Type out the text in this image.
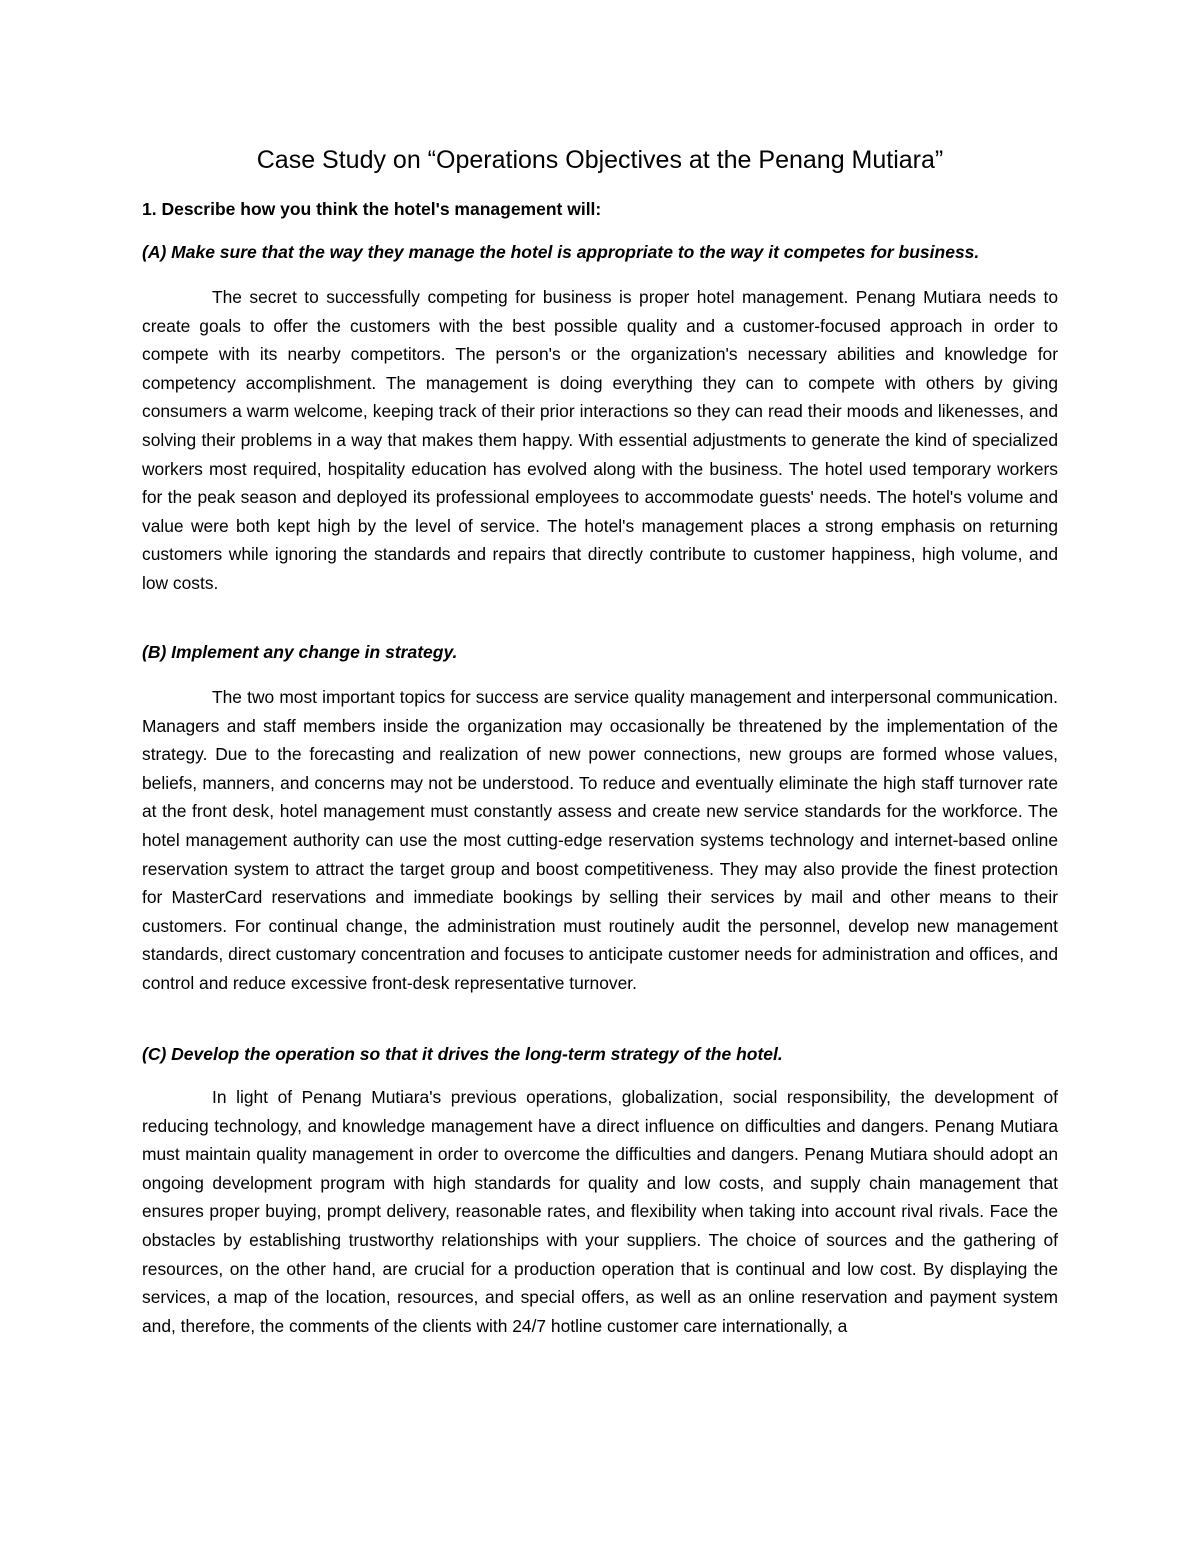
Case Study on “Operations Objectives at the Penang Mutiara”

1. Describe how you think the hotel's management will:

(A) Make sure that the way they manage the hotel is appropriate to the way it competes for business.

The secret to successfully competing for business is proper hotel management. Penang Mutiara needs to create goals to offer the customers with the best possible quality and a customer-focused approach in order to compete with its nearby competitors. The person's or the organization's necessary abilities and knowledge for competency accomplishment. The management is doing everything they can to compete with others by giving consumers a warm welcome, keeping track of their prior interactions so they can read their moods and likenesses, and solving their problems in a way that makes them happy. With essential adjustments to generate the kind of specialized workers most required, hospitality education has evolved along with the business. The hotel used temporary workers for the peak season and deployed its professional employees to accommodate guests' needs. The hotel's volume and value were both kept high by the level of service. The hotel's management places a strong emphasis on returning customers while ignoring the standards and repairs that directly contribute to customer happiness, high volume, and low costs.

(B) Implement any change in strategy.

The two most important topics for success are service quality management and interpersonal communication. Managers and staff members inside the organization may occasionally be threatened by the implementation of the strategy. Due to the forecasting and realization of new power connections, new groups are formed whose values, beliefs, manners, and concerns may not be understood. To reduce and eventually eliminate the high staff turnover rate at the front desk, hotel management must constantly assess and create new service standards for the workforce. The hotel management authority can use the most cutting-edge reservation systems technology and internet-based online reservation system to attract the target group and boost competitiveness. They may also provide the finest protection for MasterCard reservations and immediate bookings by selling their services by mail and other means to their customers. For continual change, the administration must routinely audit the personnel, develop new management standards, direct customary concentration and focuses to anticipate customer needs for administration and offices, and control and reduce excessive front-desk representative turnover.

(C) Develop the operation so that it drives the long-term strategy of the hotel.

In light of Penang Mutiara's previous operations, globalization, social responsibility, the development of reducing technology, and knowledge management have a direct influence on difficulties and dangers. Penang Mutiara must maintain quality management in order to overcome the difficulties and dangers. Penang Mutiara should adopt an ongoing development program with high standards for quality and low costs, and supply chain management that ensures proper buying, prompt delivery, reasonable rates, and flexibility when taking into account rival rivals. Face the obstacles by establishing trustworthy relationships with your suppliers. The choice of sources and the gathering of resources, on the other hand, are crucial for a production operation that is continual and low cost. By displaying the services, a map of the location, resources, and special offers, as well as an online reservation and payment system and, therefore, the comments of the clients with 24/7 hotline customer care internationally, a
